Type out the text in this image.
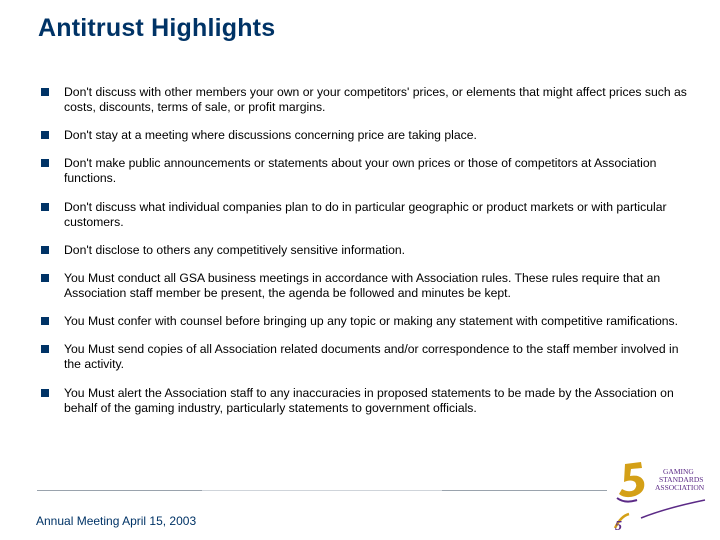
Antitrust Highlights
Don't discuss with other members your own or your competitors' prices, or elements that might affect prices such as costs, discounts, terms of sale, or profit margins.
Don't stay at a meeting where discussions concerning price are taking place.
Don't make public announcements or statements about your own prices or those of competitors at Association functions.
Don't discuss what individual companies plan to do in particular geographic or product markets or with particular customers.
Don't disclose to others any competitively sensitive information.
You Must conduct all GSA business meetings in accordance with Association rules. These rules require that an Association staff member be present, the agenda be followed and minutes be kept.
You Must confer with counsel before bringing up any topic or making any statement with competitive ramifications.
You Must send copies of all Association related documents and/or correspondence to the staff member involved in the activity.
You Must alert the Association staff to any inaccuracies in proposed statements to be made by the Association on behalf of the gaming industry, particularly statements to government officials.
Annual Meeting April 15, 2003
GAMING
STANDARDS
ASSOCIATION
5
